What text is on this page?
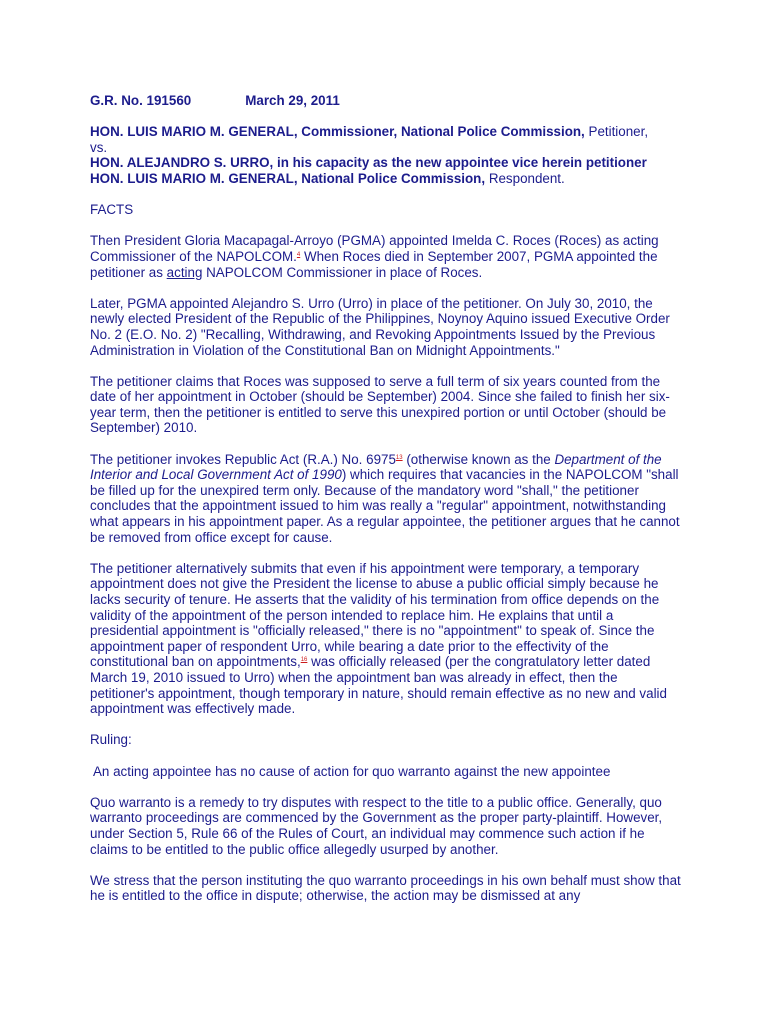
G.R. No. 191560	March 29, 2011

HON. LUIS MARIO M. GENERAL, Commissioner, National Police Commission, Petitioner,
vs.
HON. ALEJANDRO S. URRO, in his capacity as the new appointee vice herein petitioner HON. LUIS MARIO M. GENERAL, National Police Commission, Respondent.

FACTS

Then President Gloria Macapagal-Arroyo (PGMA) appointed Imelda C. Roces (Roces) as acting Commissioner of the NAPOLCOM.$^4$ When Roces died in September 2007, PGMA appointed the petitioner as acting NAPOLCOM Commissioner in place of Roces.

Later, PGMA appointed Alejandro S. Urro (Urro) in place of the petitioner. On July 30, 2010, the newly elected President of the Republic of the Philippines, Noynoy Aquino issued Executive Order No. 2 (E.O. No. 2) "Recalling, Withdrawing, and Revoking Appointments Issued by the Previous Administration in Violation of the Constitutional Ban on Midnight Appointments."

The petitioner claims that Roces was supposed to serve a full term of six years counted from the date of her appointment in October (should be September) 2004. Since she failed to finish her six-year term, then the petitioner is entitled to serve this unexpired portion or until October (should be September) 2010.

The petitioner invokes Republic Act (R.A.) No. 6975$^{13}$ (otherwise known as the Department of the Interior and Local Government Act of 1990) which requires that vacancies in the NAPOLCOM "shall be filled up for the unexpired term only. Because of the mandatory word "shall," the petitioner concludes that the appointment issued to him was really a "regular" appointment, notwithstanding what appears in his appointment paper. As a regular appointee, the petitioner argues that he cannot be removed from office except for cause.

The petitioner alternatively submits that even if his appointment were temporary, a temporary appointment does not give the President the license to abuse a public official simply because he lacks security of tenure. He asserts that the validity of his termination from office depends on the validity of the appointment of the person intended to replace him. He explains that until a presidential appointment is "officially released," there is no "appointment" to speak of. Since the appointment paper of respondent Urro, while bearing a date prior to the effectivity of the constitutional ban on appointments,$^{16}$ was officially released (per the congratulatory letter dated March 19, 2010 issued to Urro) when the appointment ban was already in effect, then the petitioner's appointment, though temporary in nature, should remain effective as no new and valid appointment was effectively made.

Ruling:

An acting appointee has no cause of action for quo warranto against the new appointee

Quo warranto is a remedy to try disputes with respect to the title to a public office. Generally, quo warranto proceedings are commenced by the Government as the proper party-plaintiff. However, under Section 5, Rule 66 of the Rules of Court, an individual may commence such action if he claims to be entitled to the public office allegedly usurped by another.

We stress that the person instituting the quo warranto proceedings in his own behalf must show that he is entitled to the office in dispute; otherwise, the action may be dismissed at any
